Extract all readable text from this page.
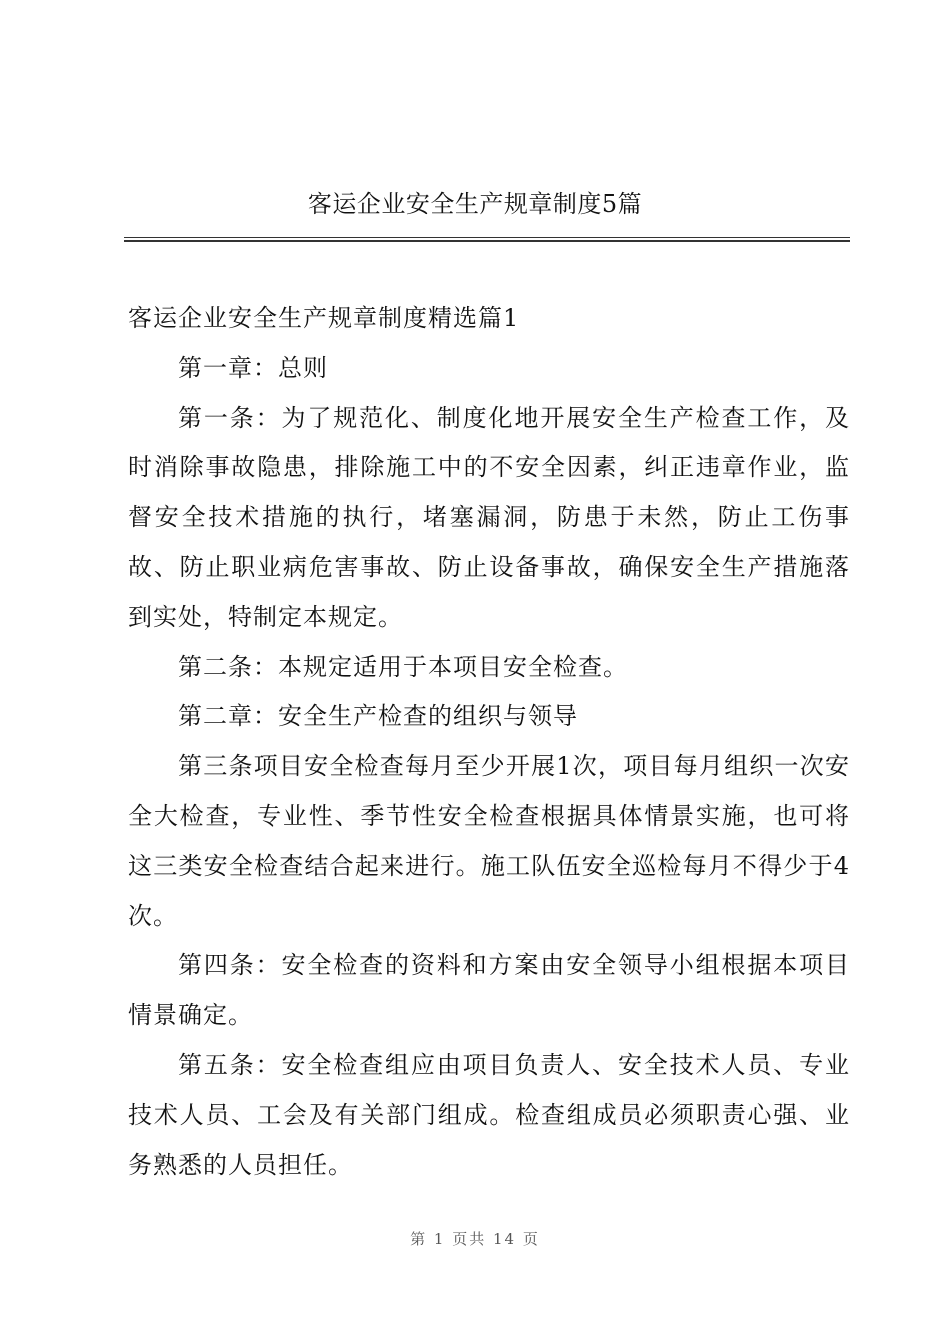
客运企业安全生产规章制度5篇

客运企业安全生产规章制度精选篇1

第一章：总则

第一条：为了规范化、制度化地开展安全生产检查工作，及时消除事故隐患，排除施工中的不安全因素，纠正违章作业，监督安全技术措施的执行，堵塞漏洞，防患于未然，防止工伤事故、防止职业病危害事故、防止设备事故，确保安全生产措施落到实处，特制定本规定。

第二条：本规定适用于本项目安全检查。

第二章：安全生产检查的组织与领导

第三条项目安全检查每月至少开展1次，项目每月组织一次安全大检查，专业性、季节性安全检查根据具体情景实施，也可将这三类安全检查结合起来进行。施工队伍安全巡检每月不得少于4次。

第四条：安全检查的资料和方案由安全领导小组根据本项目情景确定。

第五条：安全检查组应由项目负责人、安全技术人员、专业技术人员、工会及有关部门组成。检查组成员必须职责心强、业务熟悉的人员担任。

第 1 页共 14 页
